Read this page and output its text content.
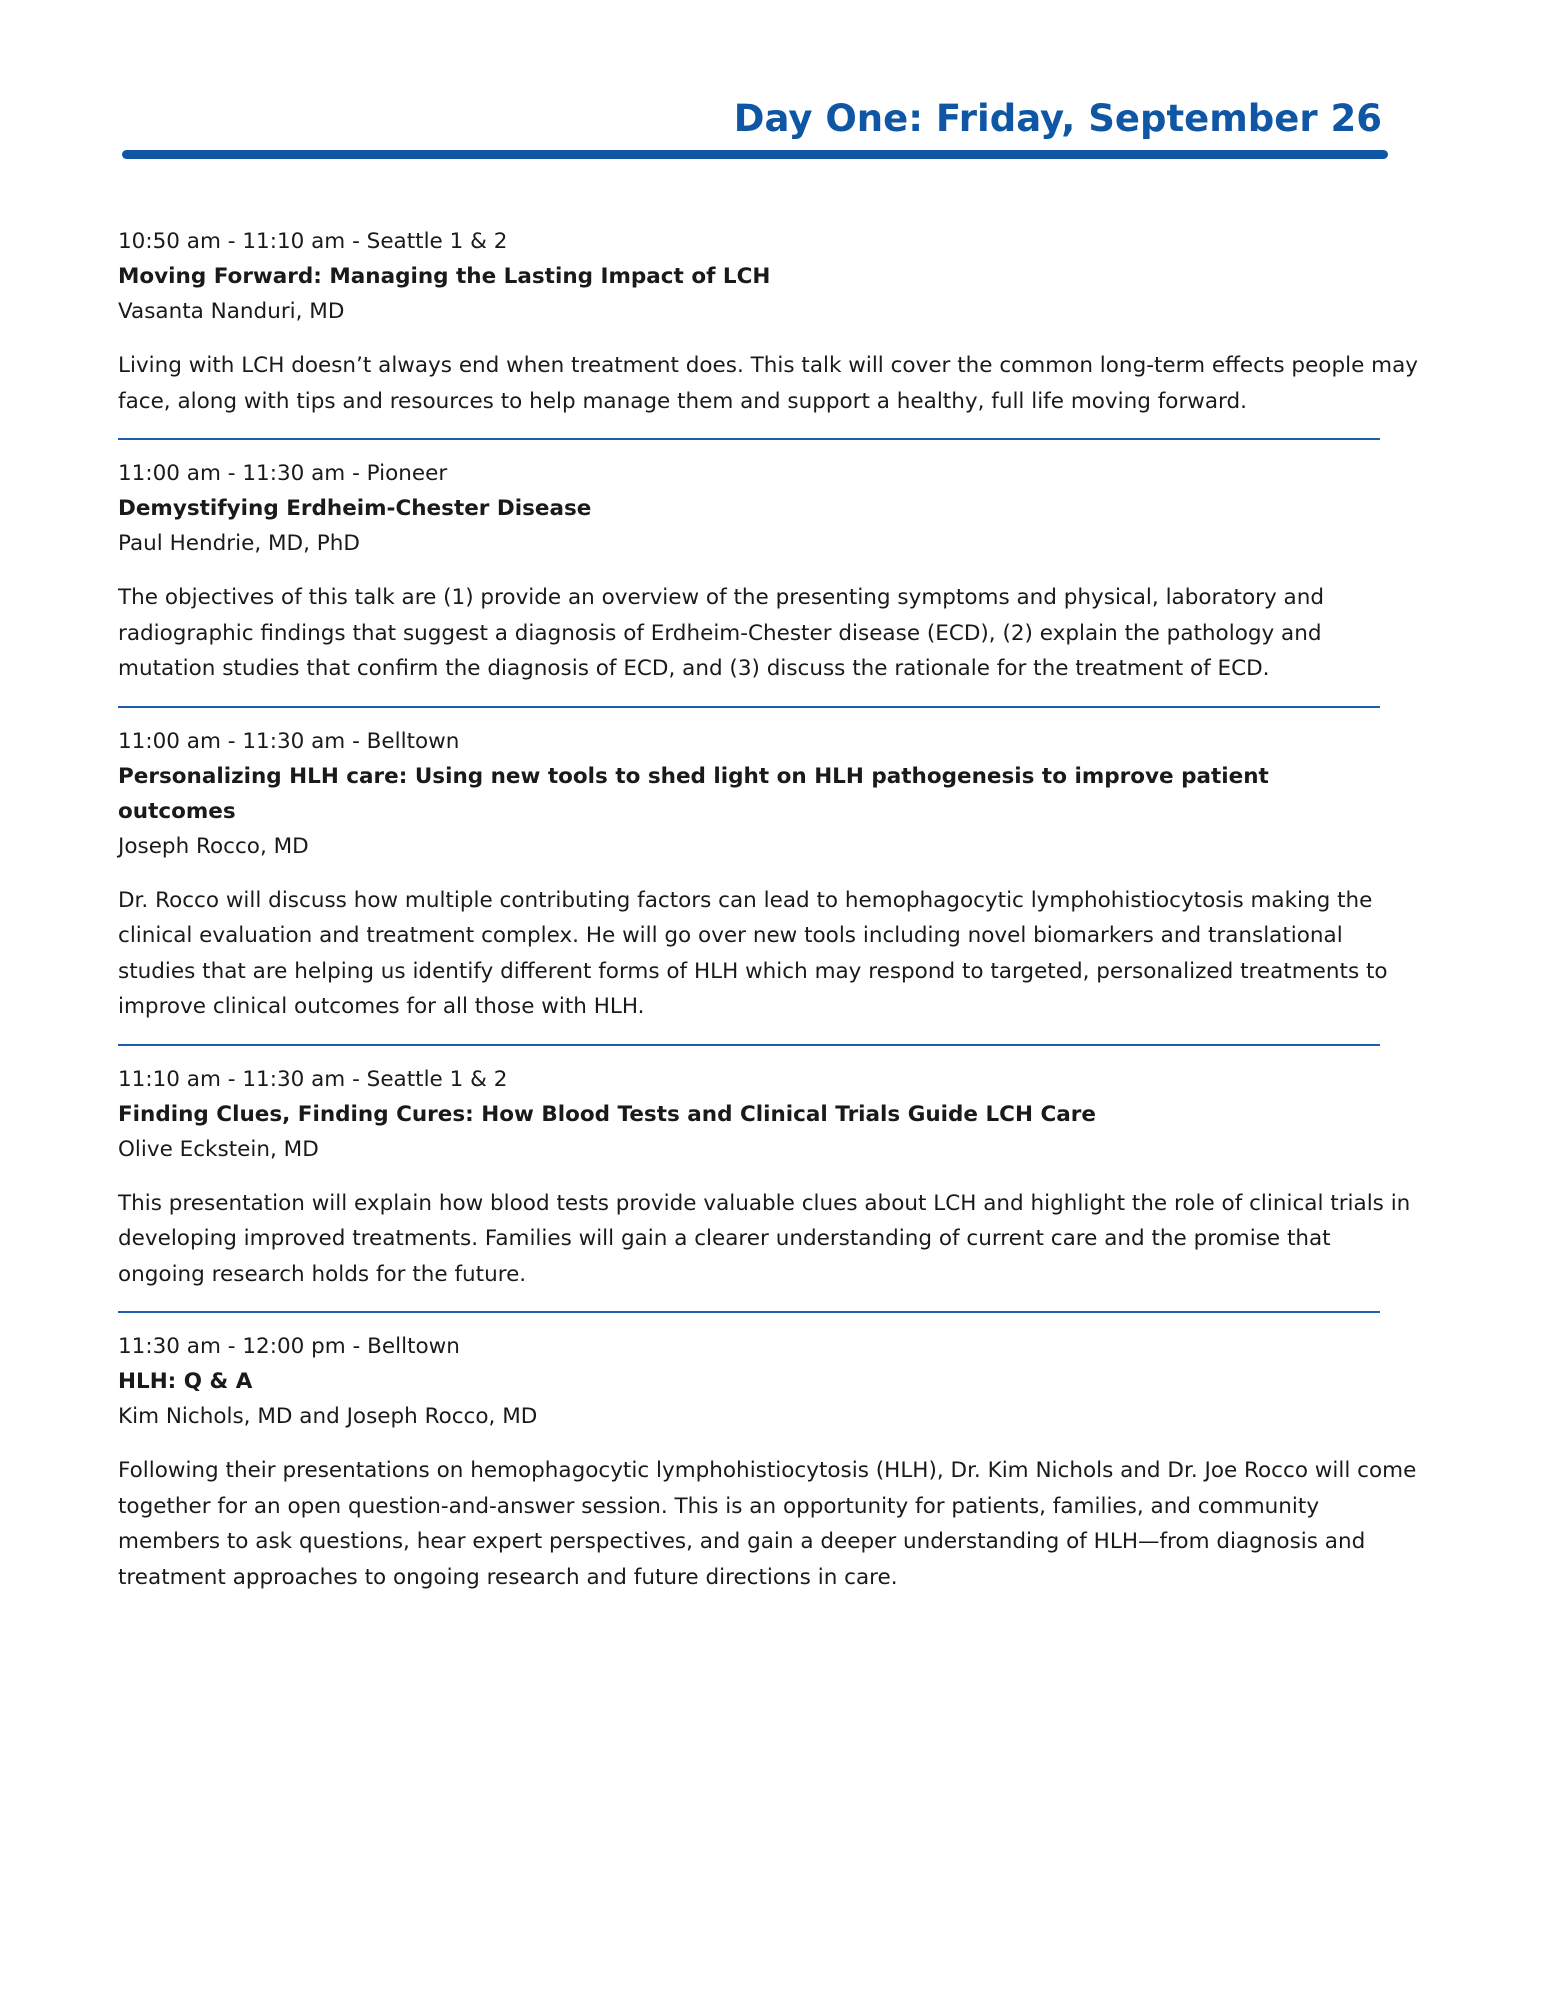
Day One: Friday, September 26

10:50 am - 11:10 am - Seattle 1 & 2

Moving Forward: Managing the Lasting Impact of LCH

Vasanta Nanduri, MD

Living with LCH doesn’t always end when treatment does. This talk will cover the common long-term effects people may face, along with tips and resources to help manage them and support a healthy, full life moving forward.

11:00 am - 11:30 am - Pioneer

Demystifying Erdheim-Chester Disease

Paul Hendrie, MD, PhD

The objectives of this talk are (1) provide an overview of the presenting symptoms and physical, laboratory and radiographic findings that suggest a diagnosis of Erdheim-Chester disease (ECD), (2) explain the pathology and mutation studies that confirm the diagnosis of ECD, and (3) discuss the rationale for the treatment of ECD.

11:00 am - 11:30 am - Belltown

Personalizing HLH care: Using new tools to shed light on HLH pathogenesis to improve patient outcomes

Joseph Rocco, MD

Dr. Rocco will discuss how multiple contributing factors can lead to hemophagocytic lymphohistiocytosis making the clinical evaluation and treatment complex. He will go over new tools including novel biomarkers and translational studies that are helping us identify different forms of HLH which may respond to targeted, personalized treatments to improve clinical outcomes for all those with HLH.

11:10 am - 11:30 am - Seattle 1 & 2

Finding Clues, Finding Cures: How Blood Tests and Clinical Trials Guide LCH Care

Olive Eckstein, MD

This presentation will explain how blood tests provide valuable clues about LCH and highlight the role of clinical trials in developing improved treatments. Families will gain a clearer understanding of current care and the promise that ongoing research holds for the future.

11:30 am - 12:00 pm - Belltown

HLH: Q & A

Kim Nichols, MD and Joseph Rocco, MD

Following their presentations on hemophagocytic lymphohistiocytosis (HLH), Dr. Kim Nichols and Dr. Joe Rocco will come together for an open question-and-answer session. This is an opportunity for patients, families, and community members to ask questions, hear expert perspectives, and gain a deeper understanding of HLH—from diagnosis and treatment approaches to ongoing research and future directions in care.
